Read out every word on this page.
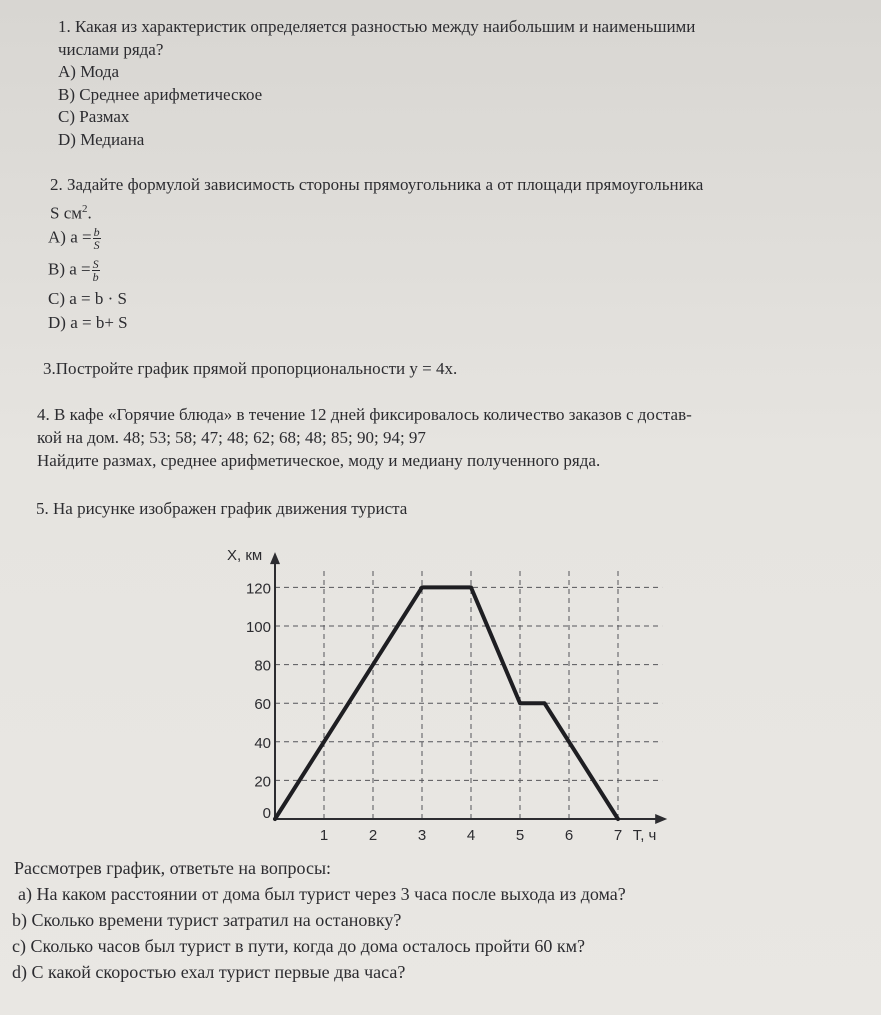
1. Какая из характеристик определяется разностью между наибольшим и наименьшими
числами ряда?
A) Мода
B) Среднее арифметическое
C) Размах
D) Медиана
2. Задайте формулой зависимость стороны прямоугольника а от площади прямоугольника
S $см^2$.
A) $a = \frac{b}{S}$
B) $a = \frac{S}{b}$
C) a = b · S
D) a = b+ S
3.Постройте график прямой пропорциональности y = 4x.
4. В кафе «Горячие блюда» в течение 12 дней фиксировалось количество заказов с достав-
кой на дом. 48; 53; 58; 47; 48; 62; 68; 48; 85; 90; 94; 97
Найдите размах, среднее арифметическое, моду и медиану полученного ряда.
5. На рисунке изображен график движения туриста
0
20
40
60
80
100
120
1	2	3	4	5	6	7
X, км
T, ч
Рассмотрев график, ответьте на вопросы:
a) На каком расстоянии от дома был турист через 3 часа после выхода из дома?
b) Сколько времени турист затратил на остановку?
c) Сколько часов был турист в пути, когда до дома осталось пройти 60 км?
d) С какой скоростью ехал турист первые два часа?
